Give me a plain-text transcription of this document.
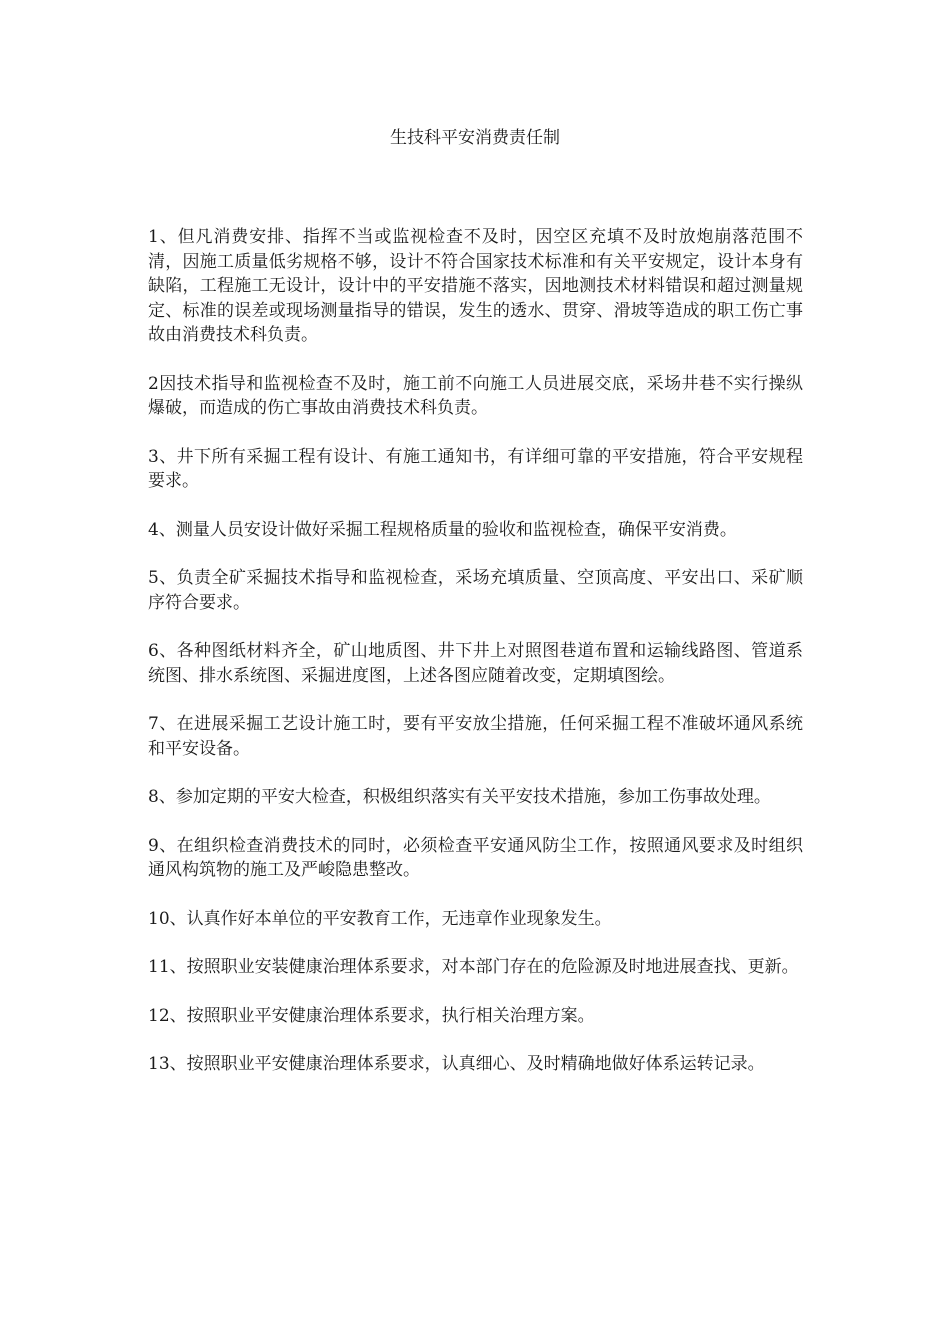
生技科平安消费责任制

1、但凡消费安排、指挥不当或监视检查不及时，因空区充填不及时放炮崩落范围不清，因施工质量低劣规格不够，设计不符合国家技术标准和有关平安规定，设计本身有缺陷，工程施工无设计，设计中的平安措施不落实，因地测技术材料错误和超过测量规定、标准的误差或现场测量指导的错误，发生的透水、贯穿、滑坡等造成的职工伤亡事故由消费技术科负责。

2因技术指导和监视检查不及时，施工前不向施工人员进展交底，采场井巷不实行操纵爆破，而造成的伤亡事故由消费技术科负责。

3、井下所有采掘工程有设计、有施工通知书，有详细可靠的平安措施，符合平安规程要求。

4、测量人员安设计做好采掘工程规格质量的验收和监视检查，确保平安消费。

5、负责全矿采掘技术指导和监视检查，采场充填质量、空顶高度、平安出口、采矿顺序符合要求。

6、各种图纸材料齐全，矿山地质图、井下井上对照图巷道布置和运输线路图、管道系统图、排水系统图、采掘进度图，上述各图应随着改变，定期填图绘。

7、在进展采掘工艺设计施工时，要有平安放尘措施，任何采掘工程不准破坏通风系统和平安设备。

8、参加定期的平安大检查，积极组织落实有关平安技术措施，参加工伤事故处理。

9、在组织检查消费技术的同时，必须检查平安通风防尘工作，按照通风要求及时组织通风构筑物的施工及严峻隐患整改。

10、认真作好本单位的平安教育工作，无违章作业现象发生。

11、按照职业安装健康治理体系要求，对本部门存在的危险源及时地进展查找、更新。

12、按照职业平安健康治理体系要求，执行相关治理方案。

13、按照职业平安健康治理体系要求，认真细心、及时精确地做好体系运转记录。
